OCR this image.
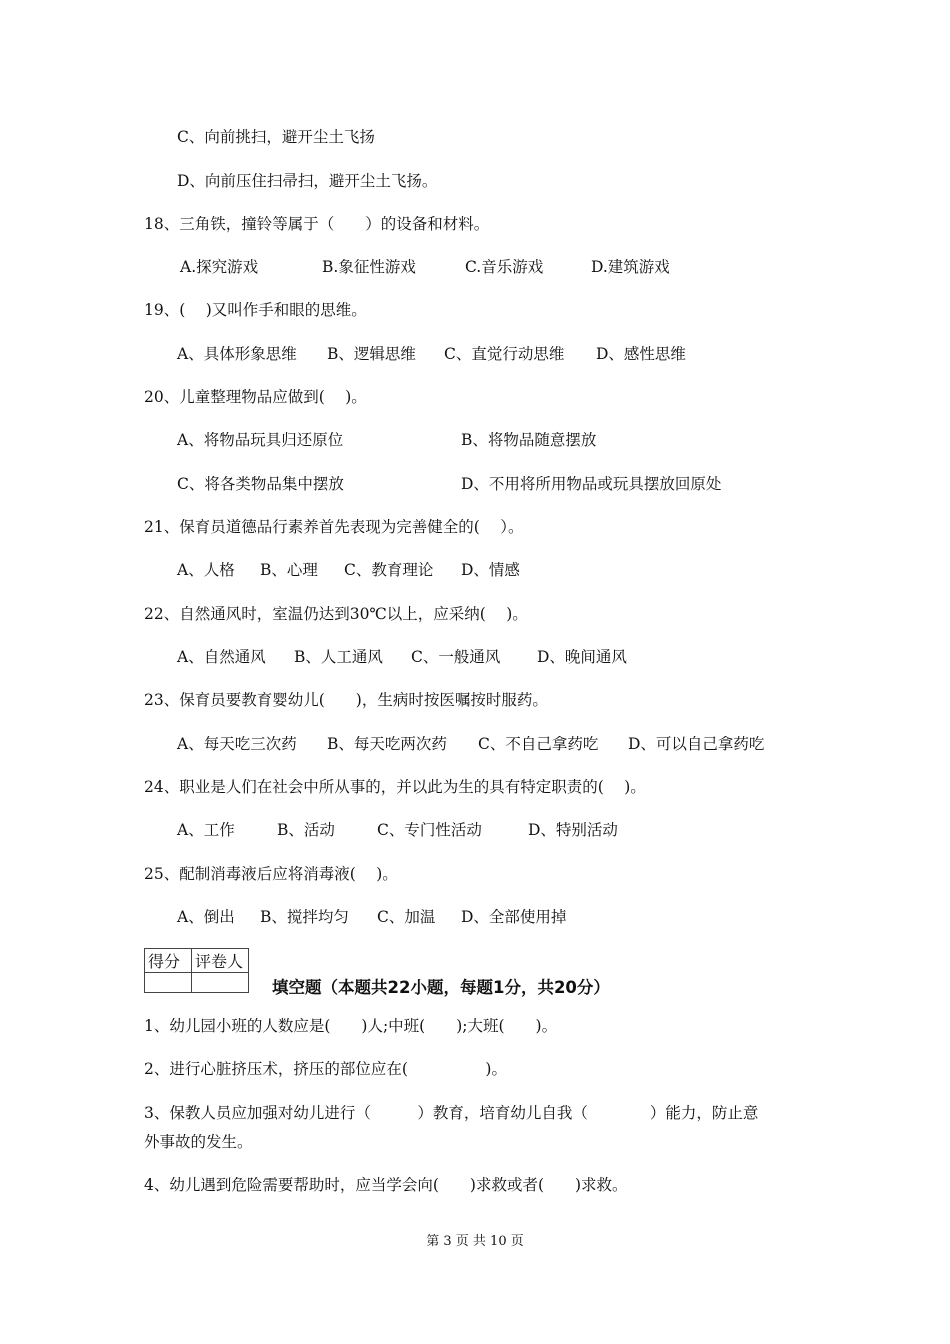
C、向前挑扫，避开尘土飞扬
D、向前压住扫帚扫，避开尘土飞扬。
18、三角铁，撞铃等属于（　　）的设备和材料。
A.探究游戏	B.象征性游戏	C.音乐游戏	D.建筑游戏
19、(　 )又叫作手和眼的思维。
A、具体形象思维 B、逻辑思维 C、直觉行动思维 D、感性思维
20、儿童整理物品应做到(　 )。
A、将物品玩具归还原位	B、将物品随意摆放
C、将各类物品集中摆放	D、不用将所用物品或玩具摆放回原处
21、保育员道德品行素养首先表现为完善健全的(　 ）。
A、人格 B、心理 C、教育理论 D、情感
22、自然通风时，室温仍达到30℃以上，应采纳(　 )。
A、自然通风 B、人工通风 C、一般通风 D、晚间通风
23、保育员要教育婴幼儿(　　)，生病时按医嘱按时服药。
A、每天吃三次药 B、每天吃两次药 C、不自己拿药吃 D、可以自己拿药吃
24、职业是人们在社会中所从事的，并以此为生的具有特定职责的(　 )。
A、工作	B、活动	C、专门性活动	D、特别活动
25、配制消毒液后应将消毒液(　 )。
A、倒出 B、搅拌均匀 C、加温 D、全部使用掉
得分	评卷人

填空题（本题共22小题，每题1分，共20分）
1、幼儿园小班的人数应是(　　)人;中班(　　);大班(　　)。
2、进行心脏挤压术，挤压的部位应在(　　　　　)。
3、保教人员应加强对幼儿进行（　　　）教育，培育幼儿自我（　　　　）能力，防止意
外事故的发生。
4、幼儿遇到危险需要帮助时，应当学会向(　　)求救或者(　　)求救。
第 3 页 共 10 页
